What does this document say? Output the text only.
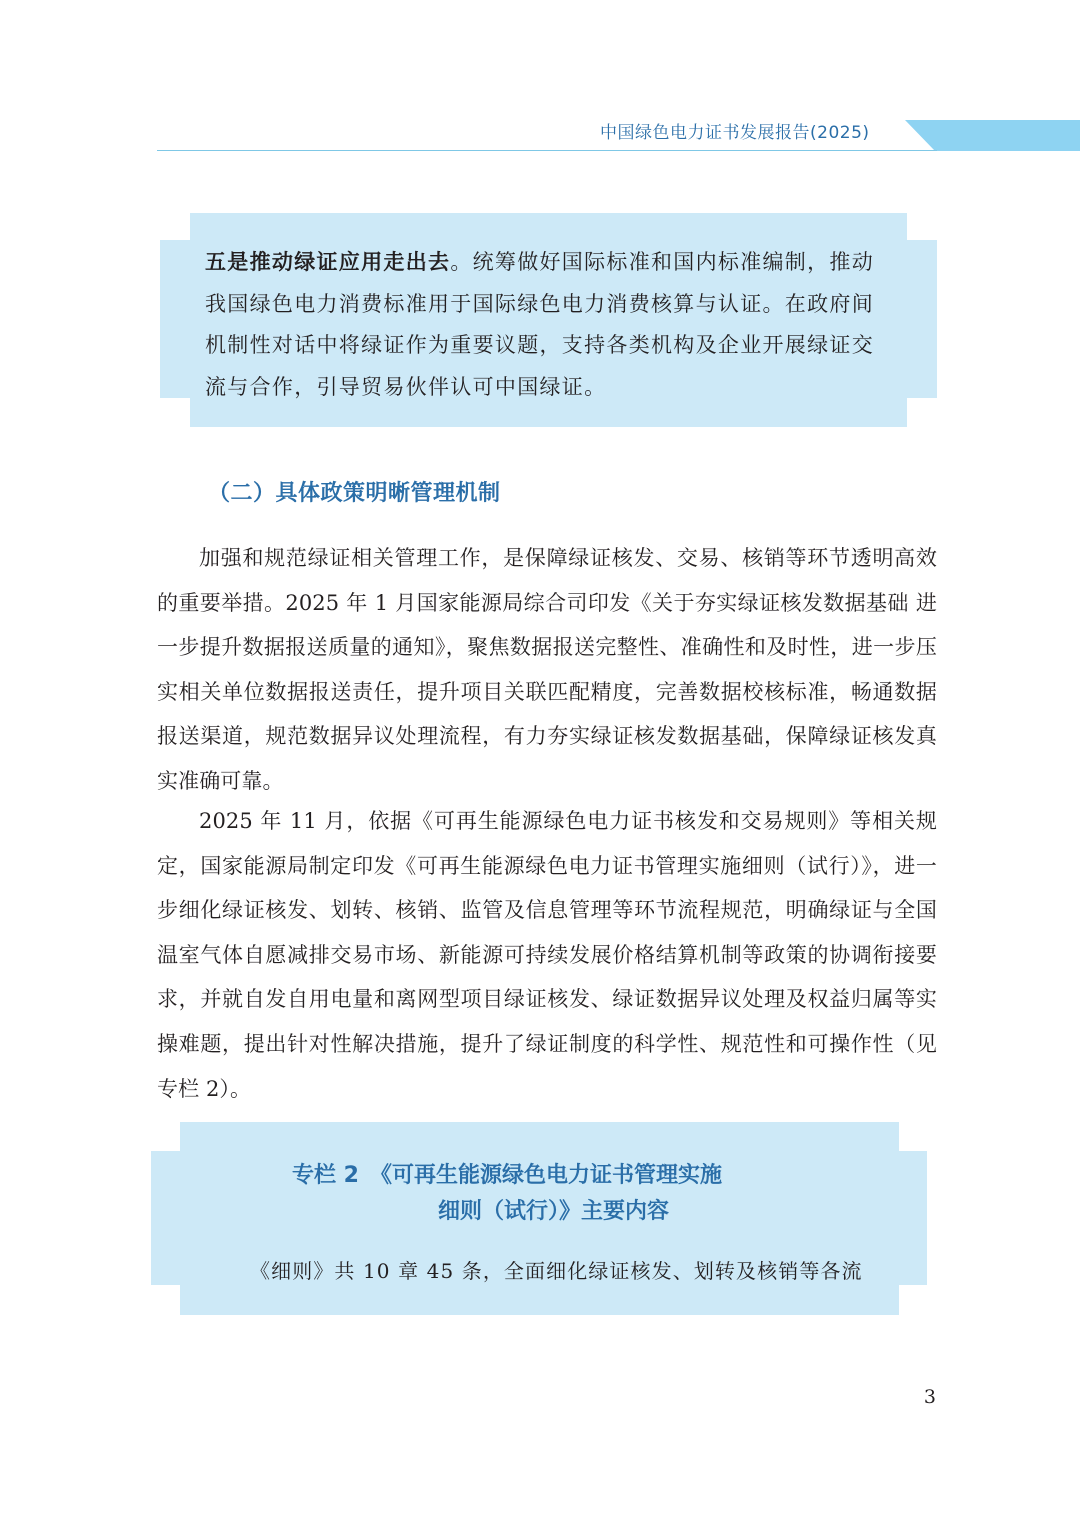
中国绿色电力证书发展报告(2025)

五是推动绿证应用走出去。统筹做好国际标准和国内标准编制，推动我国绿色电力消费标准用于国际绿色电力消费核算与认证。在政府间机制性对话中将绿证作为重要议题，支持各类机构及企业开展绿证交流与合作，引导贸易伙伴认可中国绿证。

（二）具体政策明晰管理机制

加强和规范绿证相关管理工作，是保障绿证核发、交易、核销等环节透明高效的重要举措。2025 年 1 月国家能源局综合司印发《关于夯实绿证核发数据基础 进一步提升数据报送质量的通知》，聚焦数据报送完整性、准确性和及时性，进一步压实相关单位数据报送责任，提升项目关联匹配精度，完善数据校核标准，畅通数据报送渠道，规范数据异议处理流程，有力夯实绿证核发数据基础，保障绿证核发真实准确可靠。

2025 年 11 月，依据《可再生能源绿色电力证书核发和交易规则》等相关规定，国家能源局制定印发《可再生能源绿色电力证书管理实施细则（试行）》，进一步细化绿证核发、划转、核销、监管及信息管理等环节流程规范，明确绿证与全国温室气体自愿减排交易市场、新能源可持续发展价格结算机制等政策的协调衔接要求，并就自发自用电量和离网型项目绿证核发、绿证数据异议处理及权益归属等实操难题，提出针对性解决措施，提升了绿证制度的科学性、规范性和可操作性（见专栏 2）。

专栏 2　《可再生能源绿色电力证书管理实施
细则（试行）》主要内容

《细则》共 10 章 45 条，全面细化绿证核发、划转及核销等各流

3
